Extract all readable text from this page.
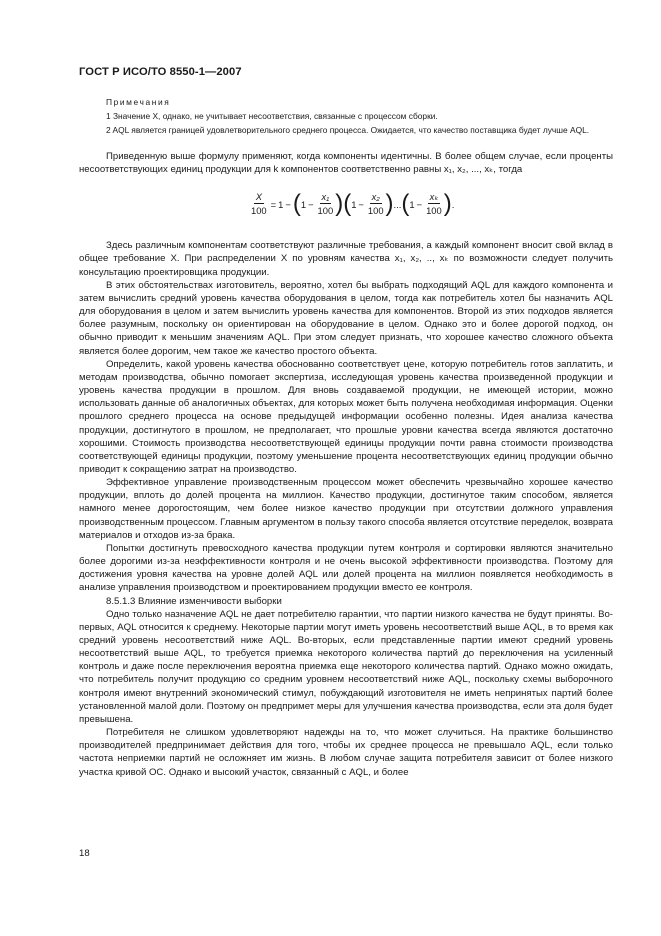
ГОСТ Р ИСО/ТО 8550-1—2007
Примечания
1 Значение X, однако, не учитывает несоответствия, связанные с процессом сборки.
2 AQL является границей удовлетворительного среднего процесса. Ожидается, что качество поставщика будет лучше AQL.

Приведенную выше формулу применяют, когда компоненты идентичны. В более общем случае, если проценты несоответствующих единиц продукции для k компонентов соответственно равны x₁, x₂, ..., xₖ, тогда

$\frac{X}{100} = 1$ − ( $1 - \frac{\text{x₁}}{100}$ )( $1 - \frac{\text{x₂}}{100}$ ) ... ( $1 - \frac{\text{xₖ}}{100}$ ) .

Здесь различным компонентам соответствуют различные требования, а каждый компонент вносит свой вклад в общее требование X. При распределении X по уровням качества x₁, x₂, .., xₖ по возможности следует получить консультацию проектировщика продукции.

В этих обстоятельствах изготовитель, вероятно, хотел бы выбрать подходящий AQL для каждого компонента и затем вычислить средний уровень качества оборудования в целом, тогда как потребитель хотел бы назначить AQL для оборудования в целом и затем вычислить уровень качества для компонентов. Второй из этих подходов является более разумным, поскольку он ориентирован на оборудование в целом. Однако это и более дорогой подход, он обычно приводит к меньшим значениям AQL. При этом следует признать, что хорошее качество сложного объекта является более дорогим, чем такое же качество простого объекта.

Определить, какой уровень качества обоснованно соответствует цене, которую потребитель готов заплатить, и методам производства, обычно помогает экспертиза, исследующая уровень качества произведенной продукции и уровень качества продукции в прошлом. Для вновь создаваемой продукции, не имеющей истории, можно использовать данные об аналогичных объектах, для которых может быть получена необходимая информация. Оценки прошлого среднего процесса на основе предыдущей информации особенно полезны. Идея анализа качества продукции, достигнутого в прошлом, не предполагает, что прошлые уровни качества всегда являются достаточно хорошими. Стоимость производства несоответствующей единицы продукции почти равна стоимости производства соответствующей единицы продукции, поэтому уменьшение процента несоответствующих единиц продукции обычно приводит к сокращению затрат на производство.

Эффективное управление производственным процессом может обеспечить чрезвычайно хорошее качество продукции, вплоть до долей процента на миллион. Качество продукции, достигнутое таким способом, является намного менее дорогостоящим, чем более низкое качество продукции при отсутствии должного управления производственным процессом. Главным аргументом в пользу такого способа является отсутствие переделок, возврата материалов и отходов из-за брака.

Попытки достигнуть превосходного качества продукции путем контроля и сортировки являются значительно более дорогими из-за неэффективности контроля и не очень высокой эффективности производства. Поэтому для достижения уровня качества на уровне долей AQL или долей процента на миллион появляется необходимость в анализе управления производством и проектированием продукции вместо ее контроля.

8.5.1.3 Влияние изменчивости выборки

Одно только назначение AQL не дает потребителю гарантии, что партии низкого качества не будут приняты. Во-первых, AQL относится к среднему. Некоторые партии могут иметь уровень несоответствий выше AQL, в то время как средний уровень несоответствий ниже AQL. Во-вторых, если представленные партии имеют средний уровень несоответствий выше AQL, то требуется приемка некоторого количества партий до переключения на усиленный контроль и даже после переключения вероятна приемка еще некоторого количества партий. Однако можно ожидать, что потребитель получит продукцию со средним уровнем несоответствий ниже AQL, поскольку схемы выборочного контроля имеют внутренний экономический стимул, побуждающий изготовителя не иметь непринятых партий более установленной малой доли. Поэтому он предпримет меры для улучшения качества производства, если эта доля будет превышена.

Потребителя не слишком удовлетворяют надежды на то, что может случиться. На практике большинство производителей предпринимает действия для того, чтобы их среднее процесса не превышало AQL, если только частота неприемки партий не осложняет им жизнь. В любом случае защита потребителя зависит от более низкого участка кривой ОС. Однако и высокий участок, связанный с AQL, и более

18
